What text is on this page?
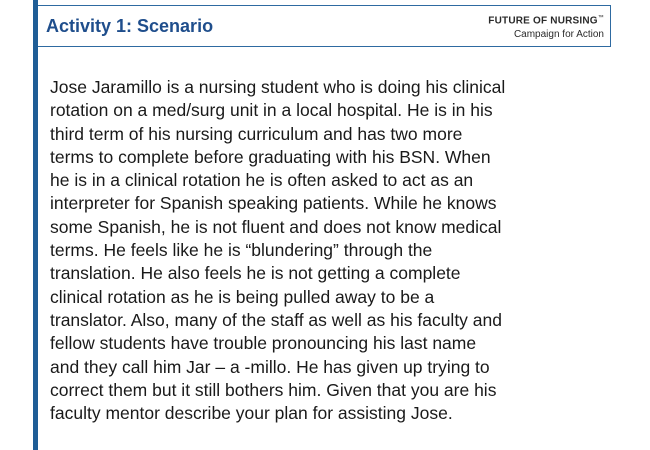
Activity 1: Scenario	FUTURE OF NURSING™
Campaign for Action
Jose Jaramillo is a nursing student who is doing his clinical
rotation on a med/surg unit in a local hospital. He is in his
third term of his nursing curriculum and has two more
terms to complete before graduating with his BSN. When
he is in a clinical rotation he is often asked to act as an
interpreter for Spanish speaking patients. While he knows
some Spanish, he is not fluent and does not know medical
terms. He feels like he is “blundering” through the
translation. He also feels he is not getting a complete
clinical rotation as he is being pulled away to be a
translator. Also, many of the staff as well as his faculty and
fellow students have trouble pronouncing his last name
and they call him Jar – a -millo. He has given up trying to
correct them but it still bothers him. Given that you are his
faculty mentor describe your plan for assisting Jose.
